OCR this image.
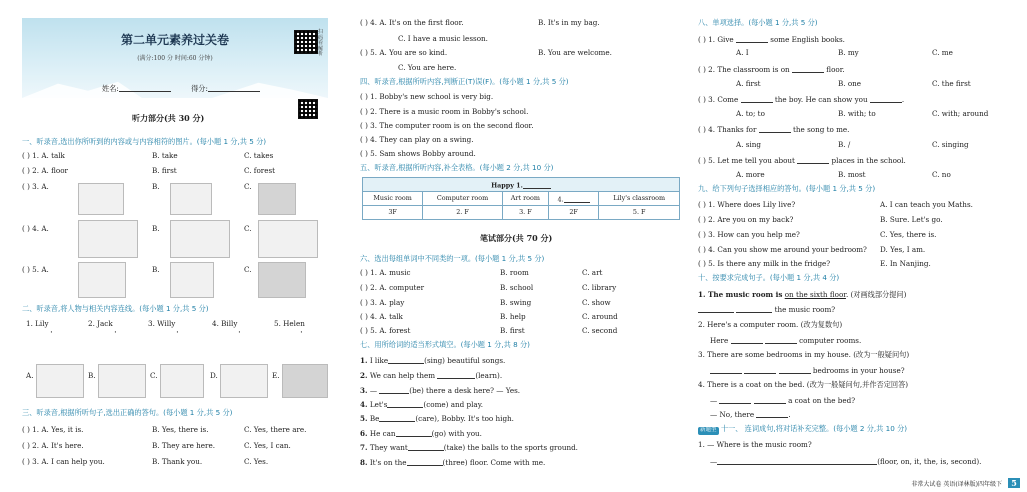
第二单元素养过关卷
(满分:100 分 时间:60 分钟)
扫码看解析
姓名:	得分:
听力部分(共 30 分)
一、听录音,选出你所听到的内容或与内容相符的图片。(每小题 1 分,共 5 分)
( ) 1. A. talk	B. take	C. takes
( ) 2. A. floor	B. first	C. forest
( ) 3. A.	B.	C.
( ) 4. A.	B.	C.
( ) 5. A.	B.	C.
二、听录音,将人物与相关内容连线。(每小题 1 分,共 5 分)
1. Lily	2. Jack	3. Willy	4. Billy	5. Helen
·	·	·	·	·
A.	B.	C.	D.	E.
三、听录音,根据所听句子,选出正确的答句。(每小题 1 分,共 5 分)
( ) 1. A. Yes, it is.	B. Yes, there is.	C. Yes, there are.
( ) 2. A. It's here.	B. They are here.	C. Yes, I can.
( ) 3. A. I can help you.	B. Thank you.	C. Yes.
( ) 4. A. It's on the first floor.	B. It's in my bag.
C. I have a music lesson.
( ) 5. A. You are so kind.	B. You are welcome.
C. You are here.
四、听录音,根据所听内容,判断正(T)误(F)。(每小题 1 分,共 5 分)
( ) 1. Bobby's new school is very big.
( ) 2. There is a music room in Bobby's school.
( ) 3. The computer room is on the second floor.
( ) 4. They can play on a swing.
( ) 5. Sam shows Bobby around.
五、听录音,根据所听内容,补全表格。(每小题 2 分,共 10 分)
Happy 1.				
Music room	Computer room	Art room	4.	Lily's classroom
3F	2. F	3. F	2F	5. F
笔试部分(共 70 分)
六、选出每组单词中不同类的一项。(每小题 1 分,共 5 分)
( ) 1. A. music	B. room	C. art
( ) 2. A. computer	B. school	C. library
( ) 3. A. play	B. swing	C. show
( ) 4. A. talk	B. help	C. around
( ) 5. A. forest	B. first	C. second
七、用所给词的适当形式填空。(每小题 1 分,共 8 分)
1. I like	(sing) beautiful songs.
2. We can help them	(learn).
3. —	(be) there a desk here? — Yes.
4. Let's	(come) and play.
5. Be	(care), Bobby. It's too high.
6. He can	(go) with you.
7. They want	(take) the balls to the sports ground.
8. It's on the	(three) floor. Come with me.
八、单项选择。(每小题 1 分,共 5 分)
( ) 1. Give	some English books.
A. I	B. my	C. me
( ) 2. The classroom is on	floor.
A. first	B. one	C. the first
( ) 3. Come	the boy. He can show you	.
A. to; to	B. with; to	C. with; around
( ) 4. Thanks for	the song to me.
A. sing	B. /	C. singing
( ) 5. Let me tell you about	places in the school.
A. more	B. most	C. no
九、给下列句子选择相应的答句。(每小题 1 分,共 5 分)
( ) 1. Where does Lily live?	A. I can teach you Maths.
( ) 2. Are you on my back?	B. Sure. Let's go.
( ) 3. How can you help me?	C. Yes, there is.
( ) 4. Can you show me around your bedroom? D. Yes, I am.
( ) 5. Is there any milk in the fridge?	E. In Nanjing.
十、按要求完成句子。(每小题 1 分,共 4 分)
1. The music room is on the sixth floor. (对画线部分提问)
the music room?
2. Here's a computer room. (改为复数句)
Here	computer rooms.
3. There are some bedrooms in my house. (改为一般疑问句)
bedrooms in your house?
4. There is a coat on the bed. (改为一般疑问句,并作否定回答)
—	a coat on the bed?
— No, there	.
新题型 十一、 连词成句,将对话补充完整。(每小题 2 分,共 10 分)
1. — Where is the music room?
—	(floor, on, it, the, is, second).
非常大试卷 英语(译林版)四年级下 5
